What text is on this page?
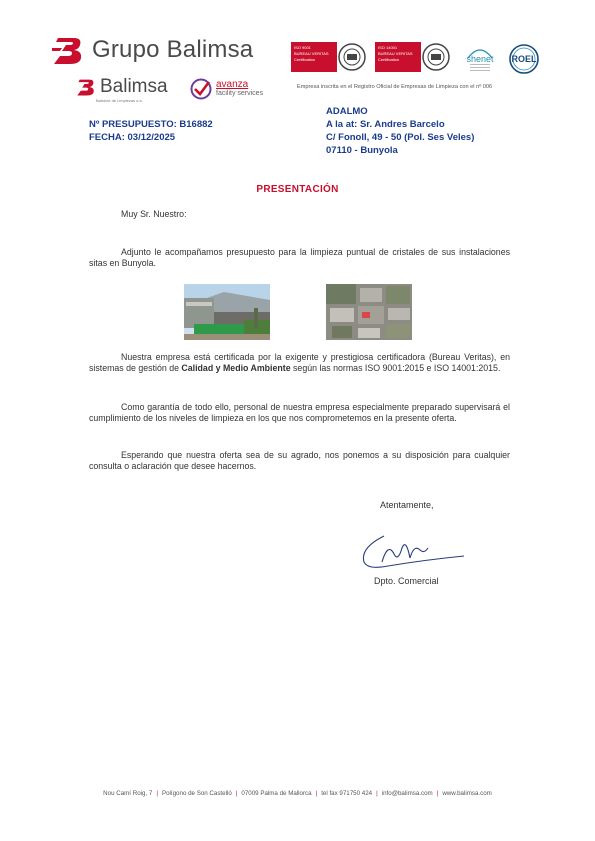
Grupo Balimsa
Balimsa
Balsiore de Limpiezas s.a.
avanza
facility services
ISO 9001
BUREAU VERITAS
Certification
ISO 14001
BUREAU VERITAS
Certification	shenet	ROEL
Empresa inscrita en el Registro Oficial de Empresas de Limpieza con el nº 006
Nº PRESUPUESTO: B16882
FECHA: 03/12/2025
ADALMO
A la at: Sr. Andres Barcelo
C/ Fonoll, 49 - 50 (Pol. Ses Veles)
07110 - Bunyola
PRESENTACIÓN
Muy Sr. Nuestro:
Adjunto le acompañamos presupuesto para la limpieza puntual de cristales de sus instalaciones sitas en Bunyola.
Nuestra empresa está certificada por la exigente y prestigiosa certificadora (Bureau Veritas), en sistemas de gestión de Calidad y Medio Ambiente según las normas ISO 9001:2015 e ISO 14001:2015.
Como garantía de todo ello, personal de nuestra empresa especialmente preparado supervisará el cumplimiento de los niveles de limpieza en los que nos comprometemos en la presente oferta.
Esperando que nuestra oferta sea de su agrado, nos ponemos a su disposición para cualquier consulta o aclaración que desee hacernos.
Atentamente,
Dpto. Comercial
Nou Camí Roig, 7 | Polígono de Son Castelló | 07009 Palma de Mallorca | tel fax 971750 424 | info@balimsa.com | www.balimsa.com
